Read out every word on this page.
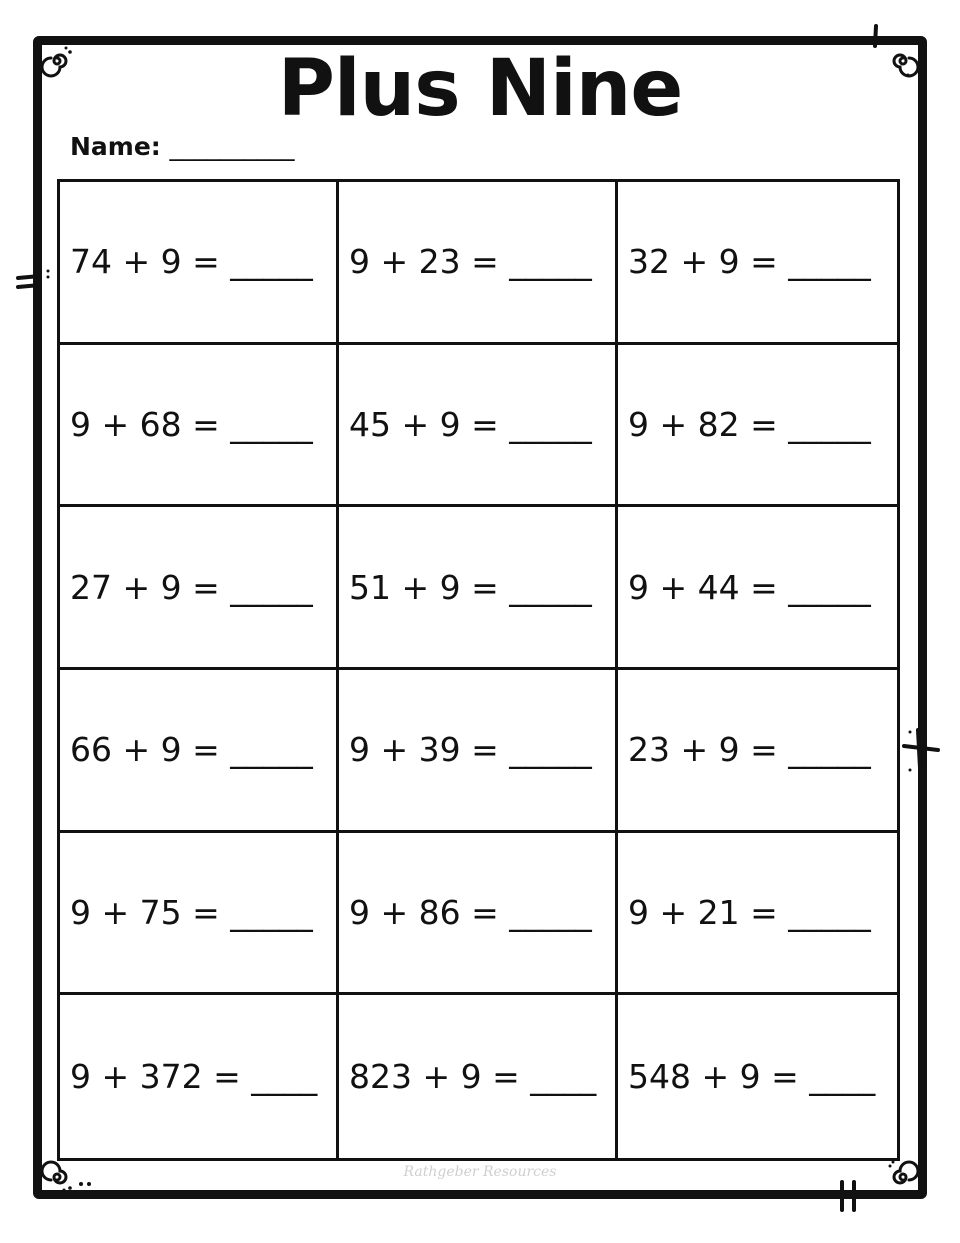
Plus Nine
Name: __________
74 + 9 = _____ 9 + 23 = _____ 32 + 9 = _____
9 + 68 = _____ 45 + 9 = _____ 9 + 82 = _____
27 + 9 = _____ 51 + 9 = _____ 9 + 44 = _____
66 + 9 = _____ 9 + 39 = _____ 23 + 9 = _____
9 + 75 = _____ 9 + 86 = _____ 9 + 21 = _____
9 + 372 = ____ 823 + 9 = ____ 548 + 9 = ____
Rathgeber Resources
